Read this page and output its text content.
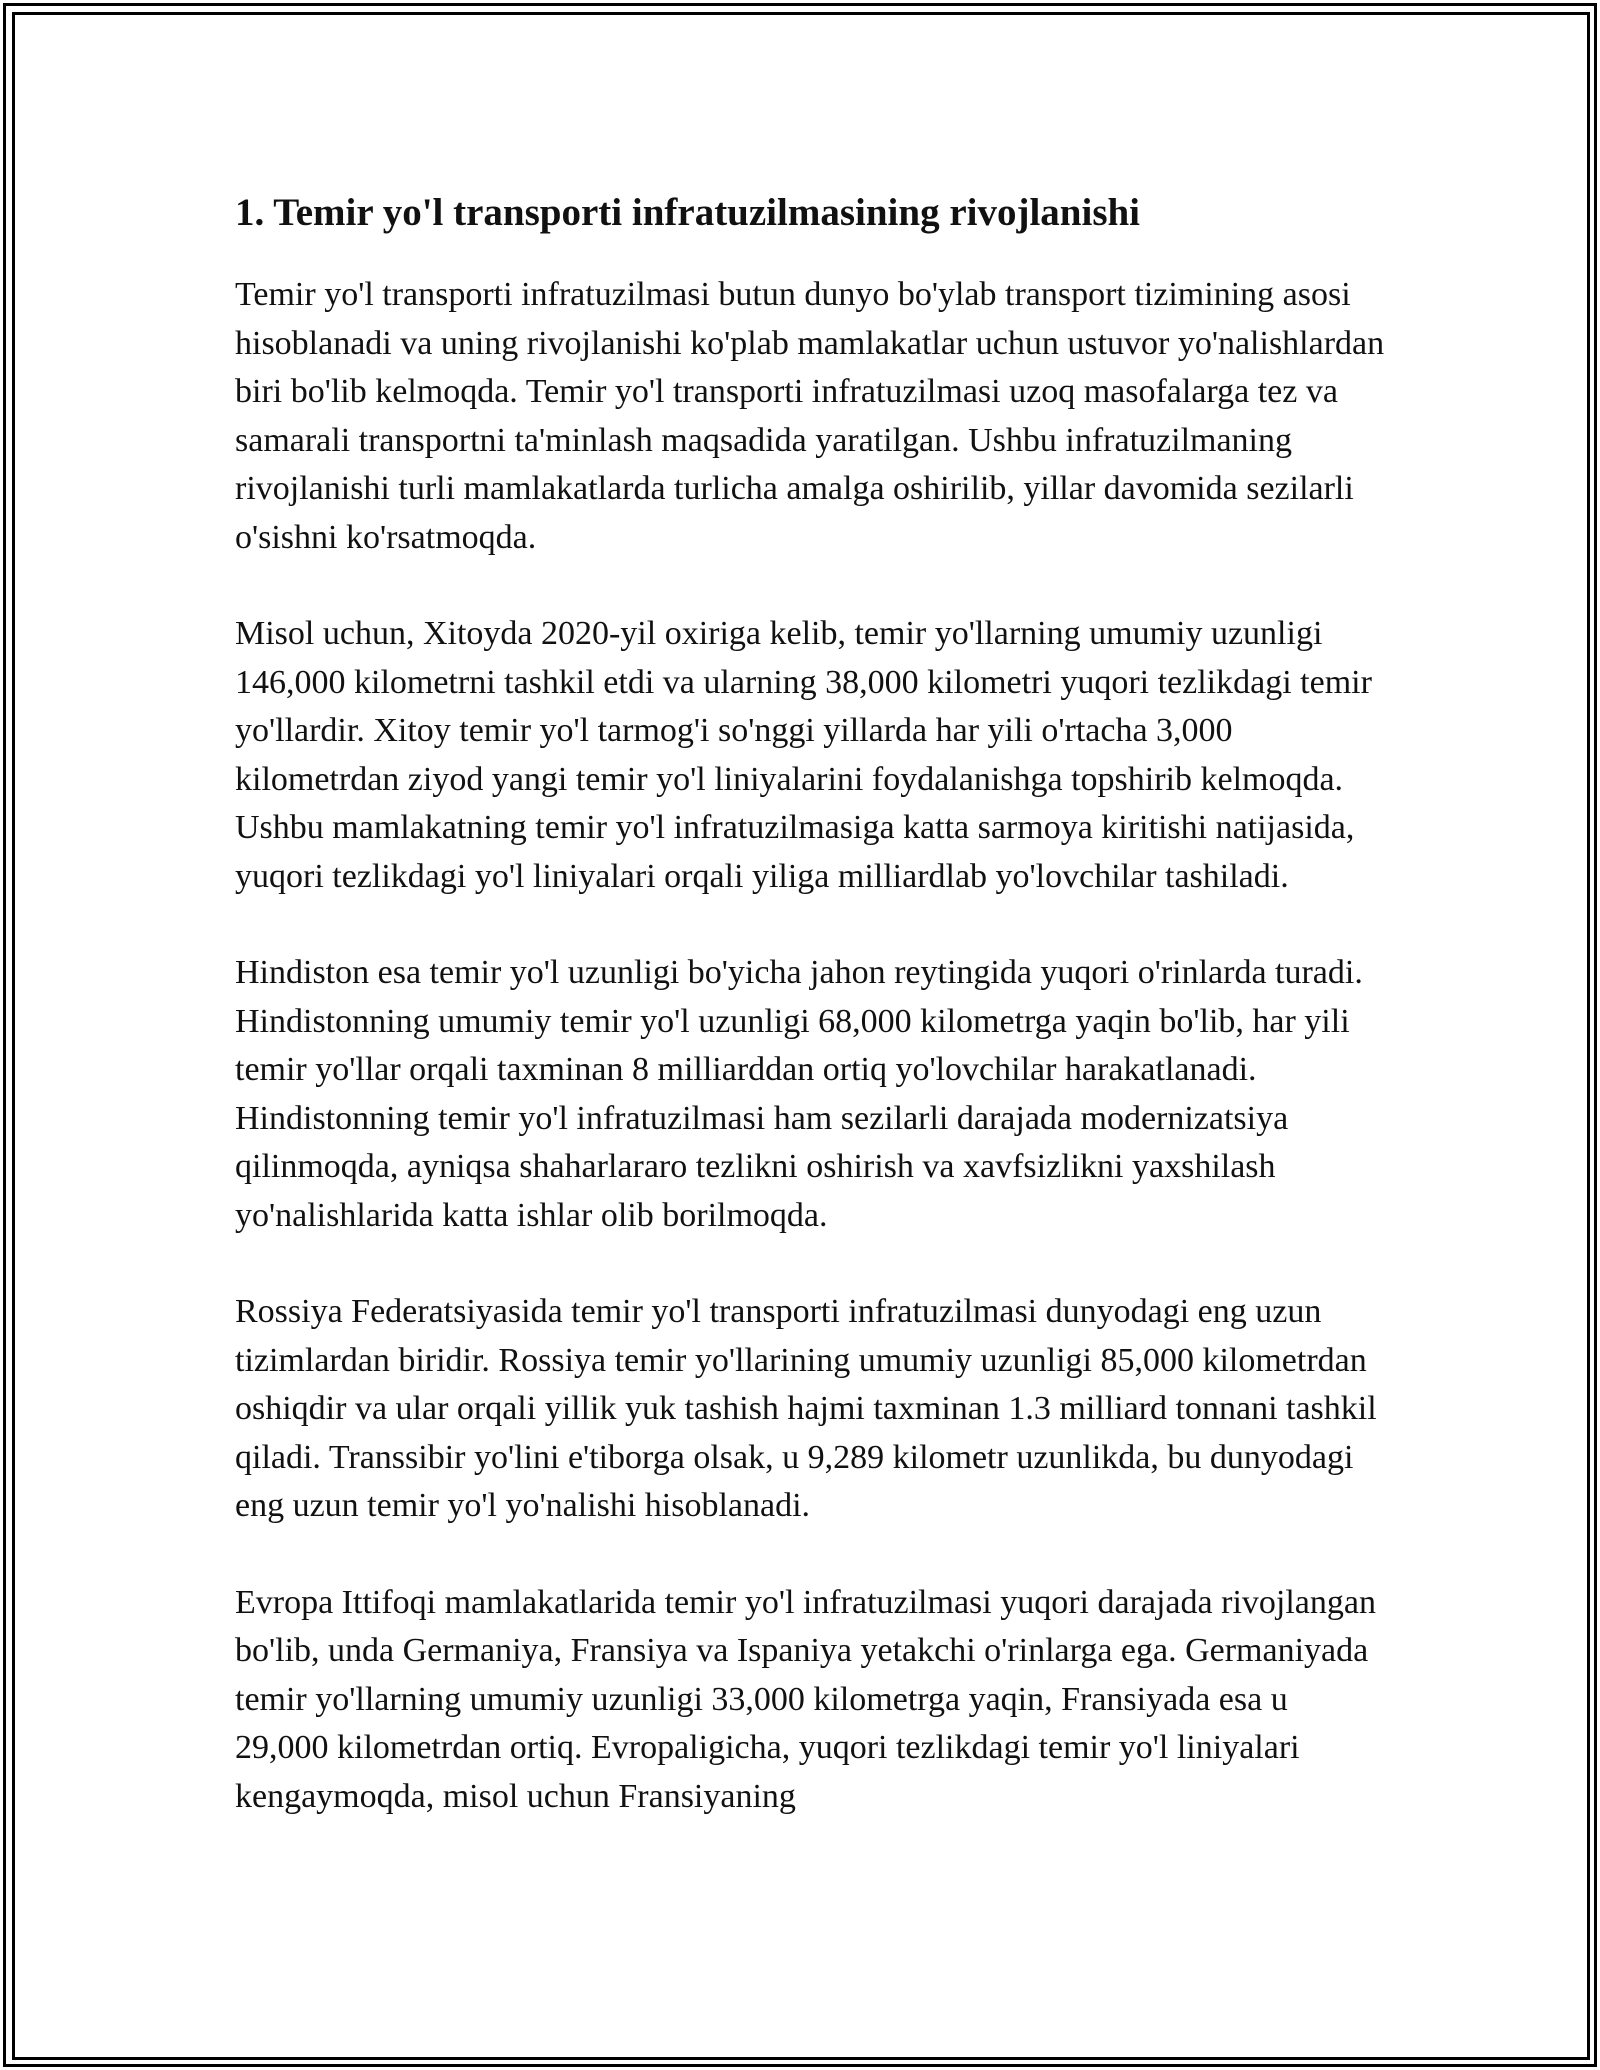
1. Temir yo'l transporti infratuzilmasining rivojlanishi

Temir yo'l transporti infratuzilmasi butun dunyo bo'ylab transport tizimining asosi hisoblanadi va uning rivojlanishi ko'plab mamlakatlar uchun ustuvor yo'nalishlardan biri bo'lib kelmoqda. Temir yo'l transporti infratuzilmasi uzoq masofalarga tez va samarali transportni ta'minlash maqsadida yaratilgan. Ushbu infratuzilmaning rivojlanishi turli mamlakatlarda turlicha amalga oshirilib, yillar davomida sezilarli o'sishni ko'rsatmoqda.

Misol uchun, Xitoyda 2020-yil oxiriga kelib, temir yo'llarning umumiy uzunligi 146,000 kilometrni tashkil etdi va ularning 38,000 kilometri yuqori tezlikdagi temir yo'llardir. Xitoy temir yo'l tarmog'i so'nggi yillarda har yili o'rtacha 3,000 kilometrdan ziyod yangi temir yo'l liniyalarini foydalanishga topshirib kelmoqda. Ushbu mamlakatning temir yo'l infratuzilmasiga katta sarmoya kiritishi natijasida, yuqori tezlikdagi yo'l liniyalari orqali yiliga milliardlab yo'lovchilar tashiladi.

Hindiston esa temir yo'l uzunligi bo'yicha jahon reytingida yuqori o'rinlarda turadi. Hindistonning umumiy temir yo'l uzunligi 68,000 kilometrga yaqin bo'lib, har yili temir yo'llar orqali taxminan 8 milliarddan ortiq yo'lovchilar harakatlanadi. Hindistonning temir yo'l infratuzilmasi ham sezilarli darajada modernizatsiya qilinmoqda, ayniqsa shaharlararo tezlikni oshirish va xavfsizlikni yaxshilash yo'nalishlarida katta ishlar olib borilmoqda.

Rossiya Federatsiyasida temir yo'l transporti infratuzilmasi dunyodagi eng uzun tizimlardan biridir. Rossiya temir yo'llarining umumiy uzunligi 85,000 kilometrdan oshiqdir va ular orqali yillik yuk tashish hajmi taxminan 1.3 milliard tonnani tashkil qiladi. Transsibir yo'lini e'tiborga olsak, u 9,289 kilometr uzunlikda, bu dunyodagi eng uzun temir yo'l yo'nalishi hisoblanadi.

Evropa Ittifoqi mamlakatlarida temir yo'l infratuzilmasi yuqori darajada rivojlangan bo'lib, unda Germaniya, Fransiya va Ispaniya yetakchi o'rinlarga ega. Germaniyada temir yo'llarning umumiy uzunligi 33,000 kilometrga yaqin, Fransiyada esa u 29,000 kilometrdan ortiq. Evropaligicha, yuqori tezlikdagi temir yo'l liniyalari kengaymoqda, misol uchun Fransiyaning
